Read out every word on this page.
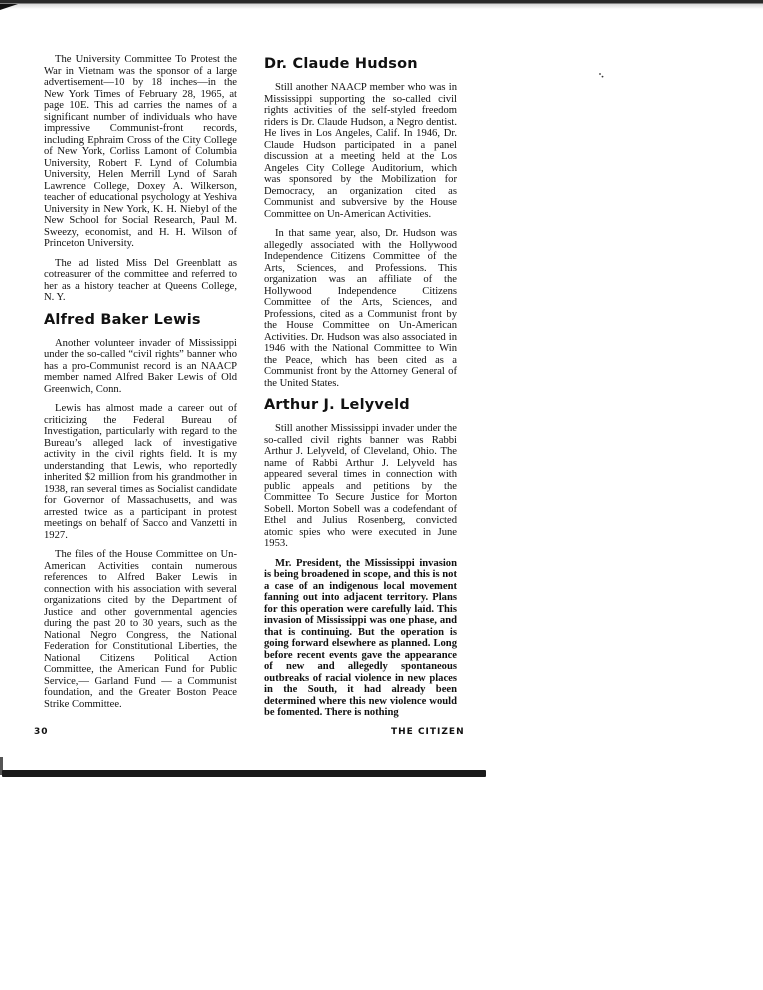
The University Committee To Protest the War in Vietnam was the sponsor of a large advertisement—10 by 18 inches—in the New York Times of February 28, 1965, at page 10E. This ad carries the names of a significant number of individuals who have impressive Communist-front records, including Ephraim Cross of the City College of New York, Corliss Lamont of Columbia University, Robert F. Lynd of Columbia University, Helen Merrill Lynd of Sarah Lawrence College, Doxey A. Wilkerson, teacher of educational psychology at Yeshiva University in New York, K. H. Niebyl of the New School for Social Research, Paul M. Sweezy, economist, and H. H. Wilson of Princeton University.

The ad listed Miss Del Greenblatt as cotreasurer of the committee and referred to her as a history teacher at Queens College, N. Y.

Alfred Baker Lewis

Another volunteer invader of Mississippi under the so-called “civil rights” banner who has a pro-Communist record is an NAACP member named Alfred Baker Lewis of Old Greenwich, Conn.

Lewis has almost made a career out of criticizing the Federal Bureau of Investigation, particularly with regard to the Bureau’s alleged lack of investigative activity in the civil rights field. It is my understanding that Lewis, who reportedly inherited $2 million from his grandmother in 1938, ran several times as Socialist candidate for Governor of Massachusetts, and was arrested twice as a participant in protest meetings on behalf of Sacco and Vanzetti in 1927.

The files of the House Committee on Un-American Activities contain numerous references to Alfred Baker Lewis in connection with his association with several organizations cited by the Department of Justice and other governmental agencies during the past 20 to 30 years, such as the National Negro Congress, the National Federation for Constitutional Liberties, the National Citizens Political Action Committee, the American Fund for Public Service,— Garland Fund — a Communist foundation, and the Greater Boston Peace Strike Committee.

Dr. Claude Hudson

Still another NAACP member who was in Mississippi supporting the so-called civil rights activities of the self-styled freedom riders is Dr. Claude Hudson, a Negro dentist. He lives in Los Angeles, Calif. In 1946, Dr. Claude Hudson participated in a panel discussion at a meeting held at the Los Angeles City College Auditorium, which was sponsored by the Mobilization for Democracy, an organization cited as Communist and subversive by the House Committee on Un-American Activities.

In that same year, also, Dr. Hudson was allegedly associated with the Hollywood Independence Citizens Committee of the Arts, Sciences, and Professions. This organization was an affiliate of the Hollywood Independence Citizens Committee of the Arts, Sciences, and Professions, cited as a Communist front by the House Committee on Un-American Activities. Dr. Hudson was also associated in 1946 with the National Committee to Win the Peace, which has been cited as a Communist front by the Attorney General of the United States.

Arthur J. Lelyveld

Still another Mississippi invader under the so-called civil rights banner was Rabbi Arthur J. Lelyveld, of Cleveland, Ohio. The name of Rabbi Arthur J. Lelyveld has appeared several times in connection with public appeals and petitions by the Committee To Secure Justice for Morton Sobell. Morton Sobell was a codefendant of Ethel and Julius Rosenberg, convicted atomic spies who were executed in June 1953.

Mr. President, the Mississippi invasion is being broadened in scope, and this is not a case of an indigenous local movement fanning out into adjacent territory. Plans for this operation were carefully laid. This invasion of Mississippi was one phase, and that is continuing. But the operation is going forward elsewhere as planned. Long before recent events gave the appearance of new and allegedly spontaneous outbreaks of racial violence in new places in the South, it had already been determined where this new violence would be fomented. There is nothing

30	THE CITIZEN
